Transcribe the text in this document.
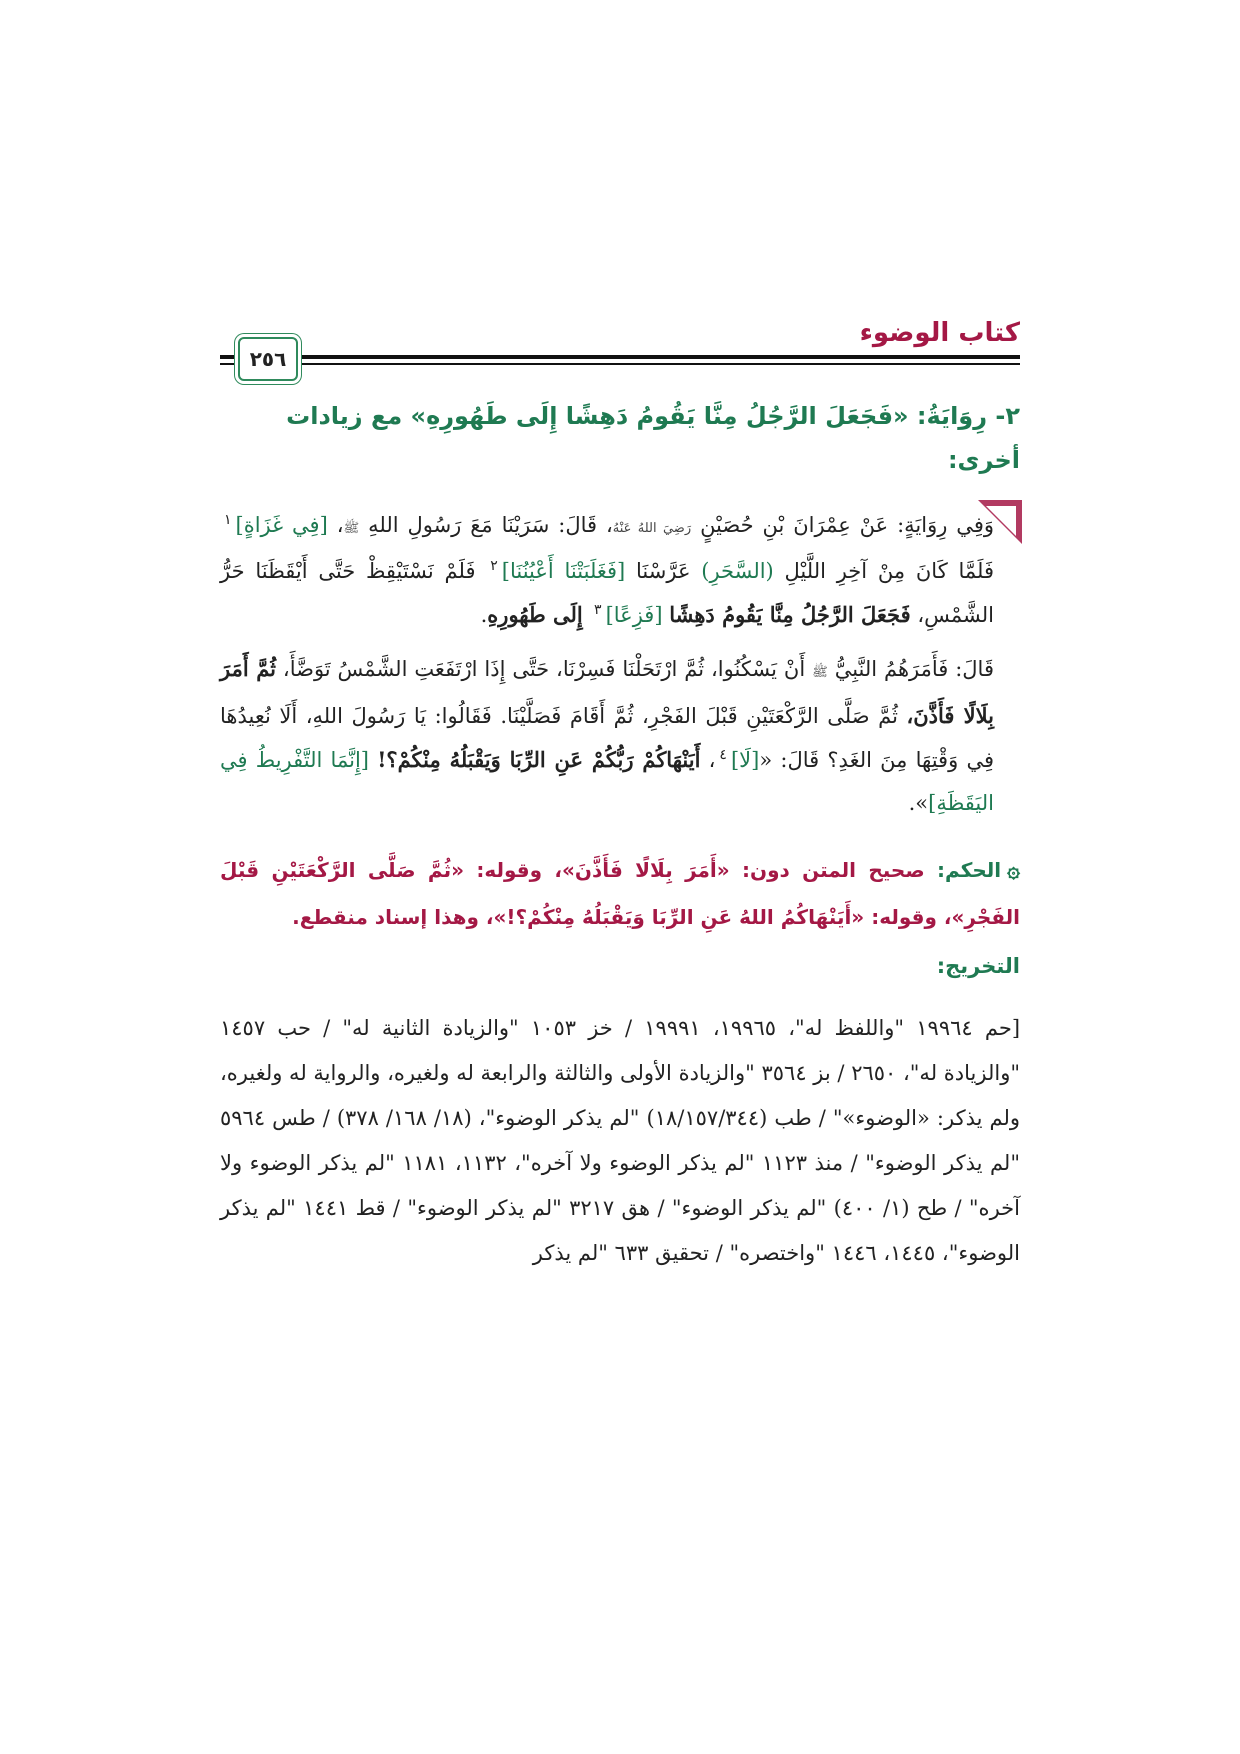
كتاب الوضوء
٢٥٦
٢- رِوَايَةُ: «فَجَعَلَ الرَّجُلُ مِنَّا يَقُومُ دَهِشًا إِلَى طَهُورِهِ» مع زيادات أخرى:

وَفِي رِوَايَةٍ: عَنْ عِمْرَانَ بْنِ حُصَيْنٍ رَضِيَ اللهُ عَنْهُ، قَالَ: سَرَيْنَا مَعَ رَسُولِ اللهِ ﷺ، [فِي غَزَاةٍ]$^١$ فَلَمَّا كَانَ مِنْ آخِرِ اللَّيْلِ (السَّحَرِ) عَرَّسْنَا [فَغَلَبَتْنَا أَعْيُنُنَا]$^٢$ فَلَمْ نَسْتَيْقِظْ حَتَّى أَيْقَظَنَا حَرُّ الشَّمْسِ، فَجَعَلَ الرَّجُلُ مِنَّا يَقُومُ دَهِشًا [فَزِعًا]$^٣$ إِلَى طَهُورِهِ.

قَالَ: فَأَمَرَهُمُ النَّبِيُّ ﷺ أَنْ يَسْكُنُوا، ثُمَّ ارْتَحَلْنَا فَسِرْنَا، حَتَّى إِذَا ارْتَفَعَتِ الشَّمْسُ تَوَضَّأَ، ثُمَّ أَمَرَ بِلَالًا فَأَذَّنَ، ثُمَّ صَلَّى الرَّكْعَتَيْنِ قَبْلَ الفَجْرِ، ثُمَّ أَقَامَ فَصَلَّيْنَا. فَقَالُوا: يَا رَسُولَ اللهِ، أَلَا نُعِيدُهَا فِي وَقْتِهَا مِنَ الغَدِ؟ قَالَ: «[لَا]$^٤$، أَيَنْهَاكُمْ رَبُّكُمْ عَنِ الرِّبَا وَيَقْبَلُهُ مِنْكُمْ؟! [إِنَّمَا التَّفْرِيطُ فِي اليَقَظَةِ]».

۞الحكم: صحيح المتن دون: «أَمَرَ بِلَالًا فَأَذَّنَ»، وقوله: «ثُمَّ صَلَّى الرَّكْعَتَيْنِ قَبْلَ الفَجْرِ»، وقوله: «أَيَنْهَاكُمُ اللهُ عَنِ الرِّبَا وَيَقْبَلُهُ مِنْكُمْ؟!»، وهذا إسناد منقطع.
التخريج:

[حم ١٩٩٦٤ "واللفظ له"، ١٩٩٦٥، ١٩٩٩١ / خز ١٠٥٣ "والزيادة الثانية له" / حب ١٤٥٧ "والزيادة له"، ٢٦٥٠ / بز ٣٥٦٤ "والزيادة الأولى والثالثة والرابعة له ولغيره، والرواية له ولغيره، ولم يذكر: «الوضوء»" / طب (١٨/١٥٧/٣٤٤) "لم يذكر الوضوء"، (١٨/ ١٦٨/ ٣٧٨) / طس ٥٩٦٤ "لم يذكر الوضوء" / منذ ١١٢٣ "لم يذكر الوضوء ولا آخره"، ١١٣٢، ١١٨١ "لم يذكر الوضوء ولا آخره" / طح (١/ ٤٠٠) "لم يذكر الوضوء" / هق ٣٢١٧ "لم يذكر الوضوء" / قط ١٤٤١ "لم يذكر الوضوء"، ١٤٤٥، ١٤٤٦ "واختصره" / تحقيق ٦٣٣ "لم يذكر
